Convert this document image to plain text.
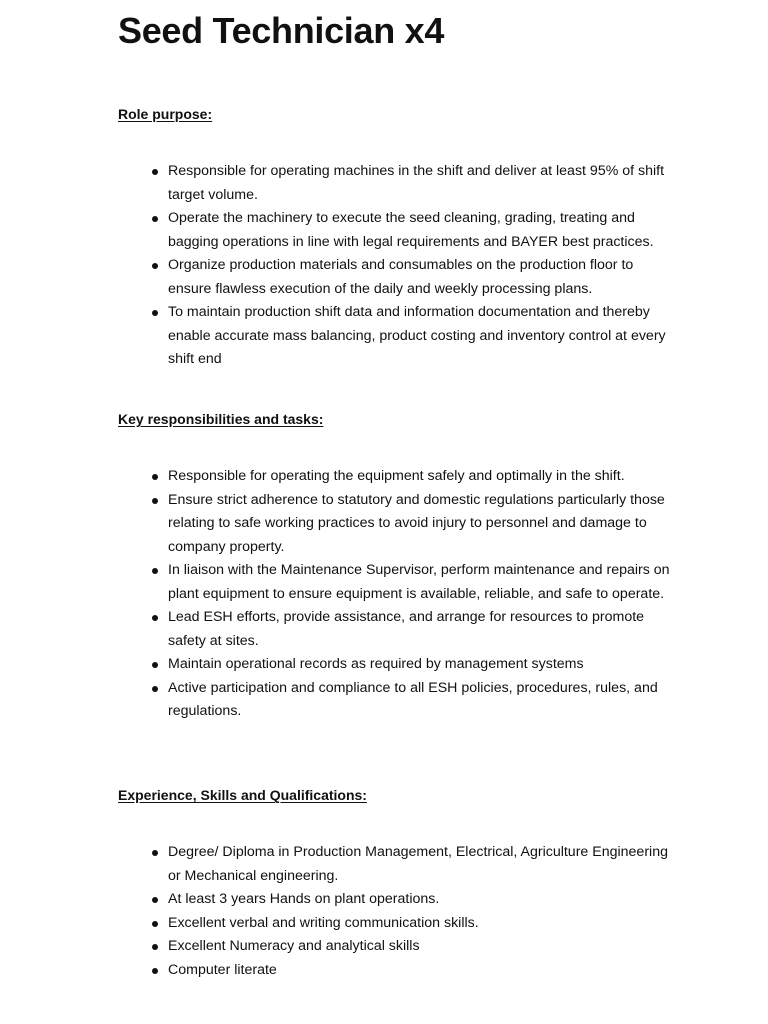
Seed Technician x4
Role purpose:
Responsible for operating machines in the shift and deliver at least 95% of shift target volume.
Operate the machinery to execute the seed cleaning, grading, treating and bagging operations in line with legal requirements and BAYER best practices.
Organize production materials and consumables on the production floor to ensure flawless execution of the daily and weekly processing plans.
To maintain production shift data and information documentation and thereby enable accurate mass balancing, product costing and inventory control at every shift end
Key responsibilities and tasks:
Responsible for operating the equipment safely and optimally in the shift.
Ensure strict adherence to statutory and domestic regulations particularly those relating to safe working practices to avoid injury to personnel and damage to company property.
In liaison with the Maintenance Supervisor, perform maintenance and repairs on plant equipment to ensure equipment is available, reliable, and safe to operate.
Lead ESH efforts, provide assistance, and arrange for resources to promote safety at sites.
Maintain operational records as required by management systems
Active participation and compliance to all ESH policies, procedures, rules, and regulations.
Experience, Skills and Qualifications:
Degree/ Diploma in Production Management, Electrical, Agriculture Engineering or Mechanical engineering.
At least 3 years Hands on plant operations.
Excellent verbal and writing communication skills.
Excellent Numeracy and analytical skills
Computer literate
